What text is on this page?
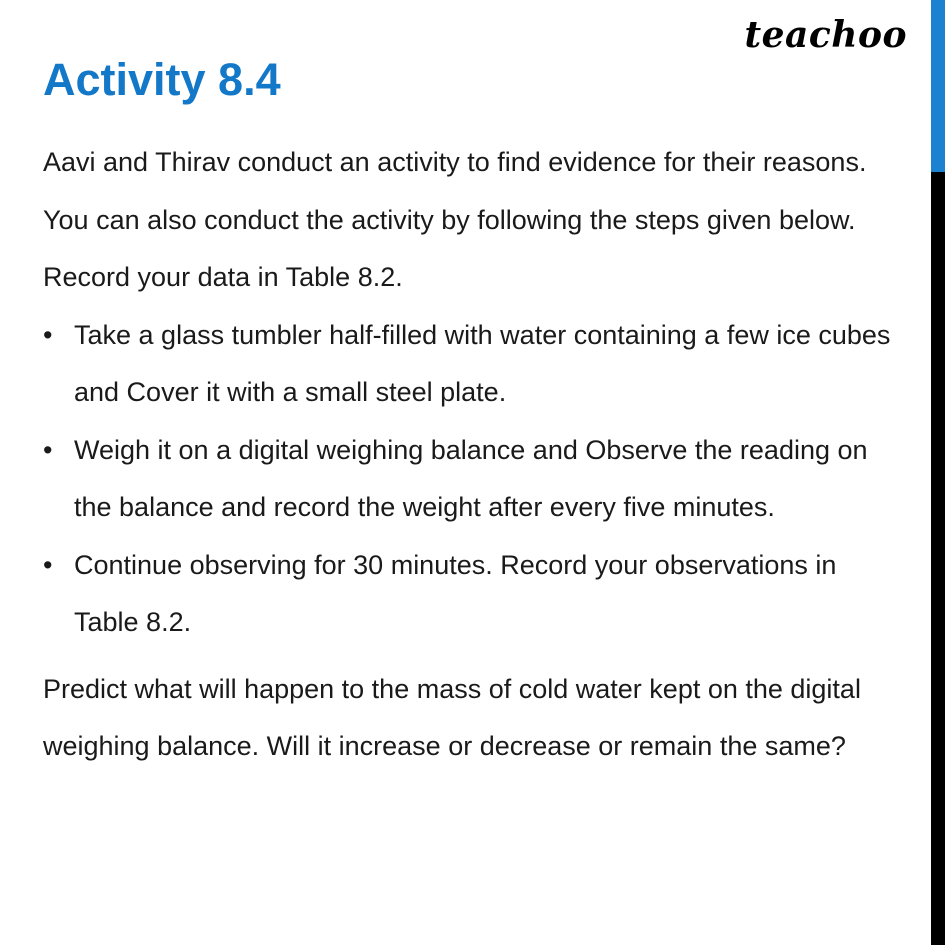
teachoo
Activity 8.4

Aavi and Thirav conduct an activity to find evidence for their reasons. You can also conduct the activity by following the steps given below. Record your data in Table 8.2.

• Take a glass tumbler half-filled with water containing a few ice cubes and Cover it with a small steel plate.
• Weigh it on a digital weighing balance and Observe the reading on the balance and record the weight after every five minutes.
• Continue observing for 30 minutes. Record your observations in Table 8.2.

Predict what will happen to the mass of cold water kept on the digital weighing balance. Will it increase or decrease or remain the same?
